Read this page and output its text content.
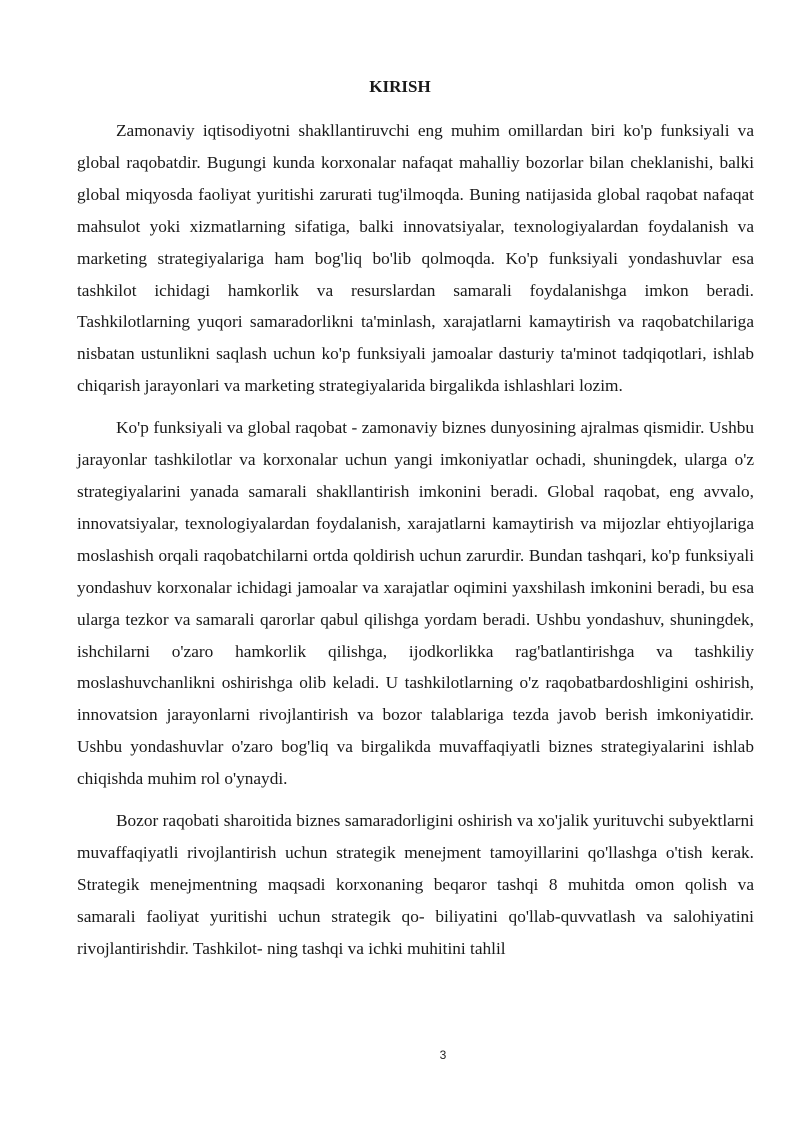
KIRISH

Zamonaviy iqtisodiyotni shakllantiruvchi eng muhim omillardan biri ko'p funksiyali va global raqobatdir. Bugungi kunda korxonalar nafaqat mahalliy bozorlar bilan cheklanishi, balki global miqyosda faoliyat yuritishi zarurati tug'ilmoqda. Buning natijasida global raqobat nafaqat mahsulot yoki xizmatlarning sifatiga, balki innovatsiyalar, texnologiyalardan foydalanish va marketing strategiyalariga ham bog'liq bo'lib qolmoqda. Ko'p funksiyali yondashuvlar esa tashkilot ichidagi hamkorlik va resurslardan samarali foydalanishga imkon beradi. Tashkilotlarning yuqori samaradorlikni ta'minlash, xarajatlarni kamaytirish va raqobatchilariga nisbatan ustunlikni saqlash uchun ko'p funksiyali jamoalar dasturiy ta'minot tadqiqotlari, ishlab chiqarish jarayonlari va marketing strategiyalarida birgalikda ishlashlari lozim.

Ko'p funksiyali va global raqobat - zamonaviy biznes dunyosining ajralmas qismidir. Ushbu jarayonlar tashkilotlar va korxonalar uchun yangi imkoniyatlar ochadi, shuningdek, ularga o'z strategiyalarini yanada samarali shakllantirish imkonini beradi. Global raqobat, eng avvalo, innovatsiyalar, texnologiyalardan foydalanish, xarajatlarni kamaytirish va mijozlar ehtiyojlariga moslashish orqali raqobatchilarni ortda qoldirish uchun zarurdir. Bundan tashqari, ko'p funksiyali yondashuv korxonalar ichidagi jamoalar va xarajatlar oqimini yaxshilash imkonini beradi, bu esa ularga tezkor va samarali qarorlar qabul qilishga yordam beradi. Ushbu yondashuv, shuningdek, ishchilarni o'zaro hamkorlik qilishga, ijodkorlikka rag'batlantirishga va tashkiliy moslashuvchanlikni oshirishga olib keladi. U tashkilotlarning o'z raqobatbardoshligini oshirish, innovatsion jarayonlarni rivojlantirish va bozor talablariga tezda javob berish imkoniyatidir. Ushbu yondashuvlar o'zaro bog'liq va birgalikda muvaffaqiyatli biznes strategiyalarini ishlab chiqishda muhim rol o'ynaydi.

Bozor raqobati sharoitida biznes samaradorligini oshirish va xo'jalik yurituvchi subyektlarni muvaffaqiyatli rivojlantirish uchun strategik menejment tamoyillarini qo'llashga o'tish kerak. Strategik menejmentning maqsadi korxonaning beqaror tashqi 8 muhitda omon qolish va samarali faoliyat yuritishi uchun strategik qo- biliyatini qo'llab-quvvatlash va salohiyatini rivojlantirishdir. Tashkilot- ning tashqi va ichki muhitini tahlil

3
